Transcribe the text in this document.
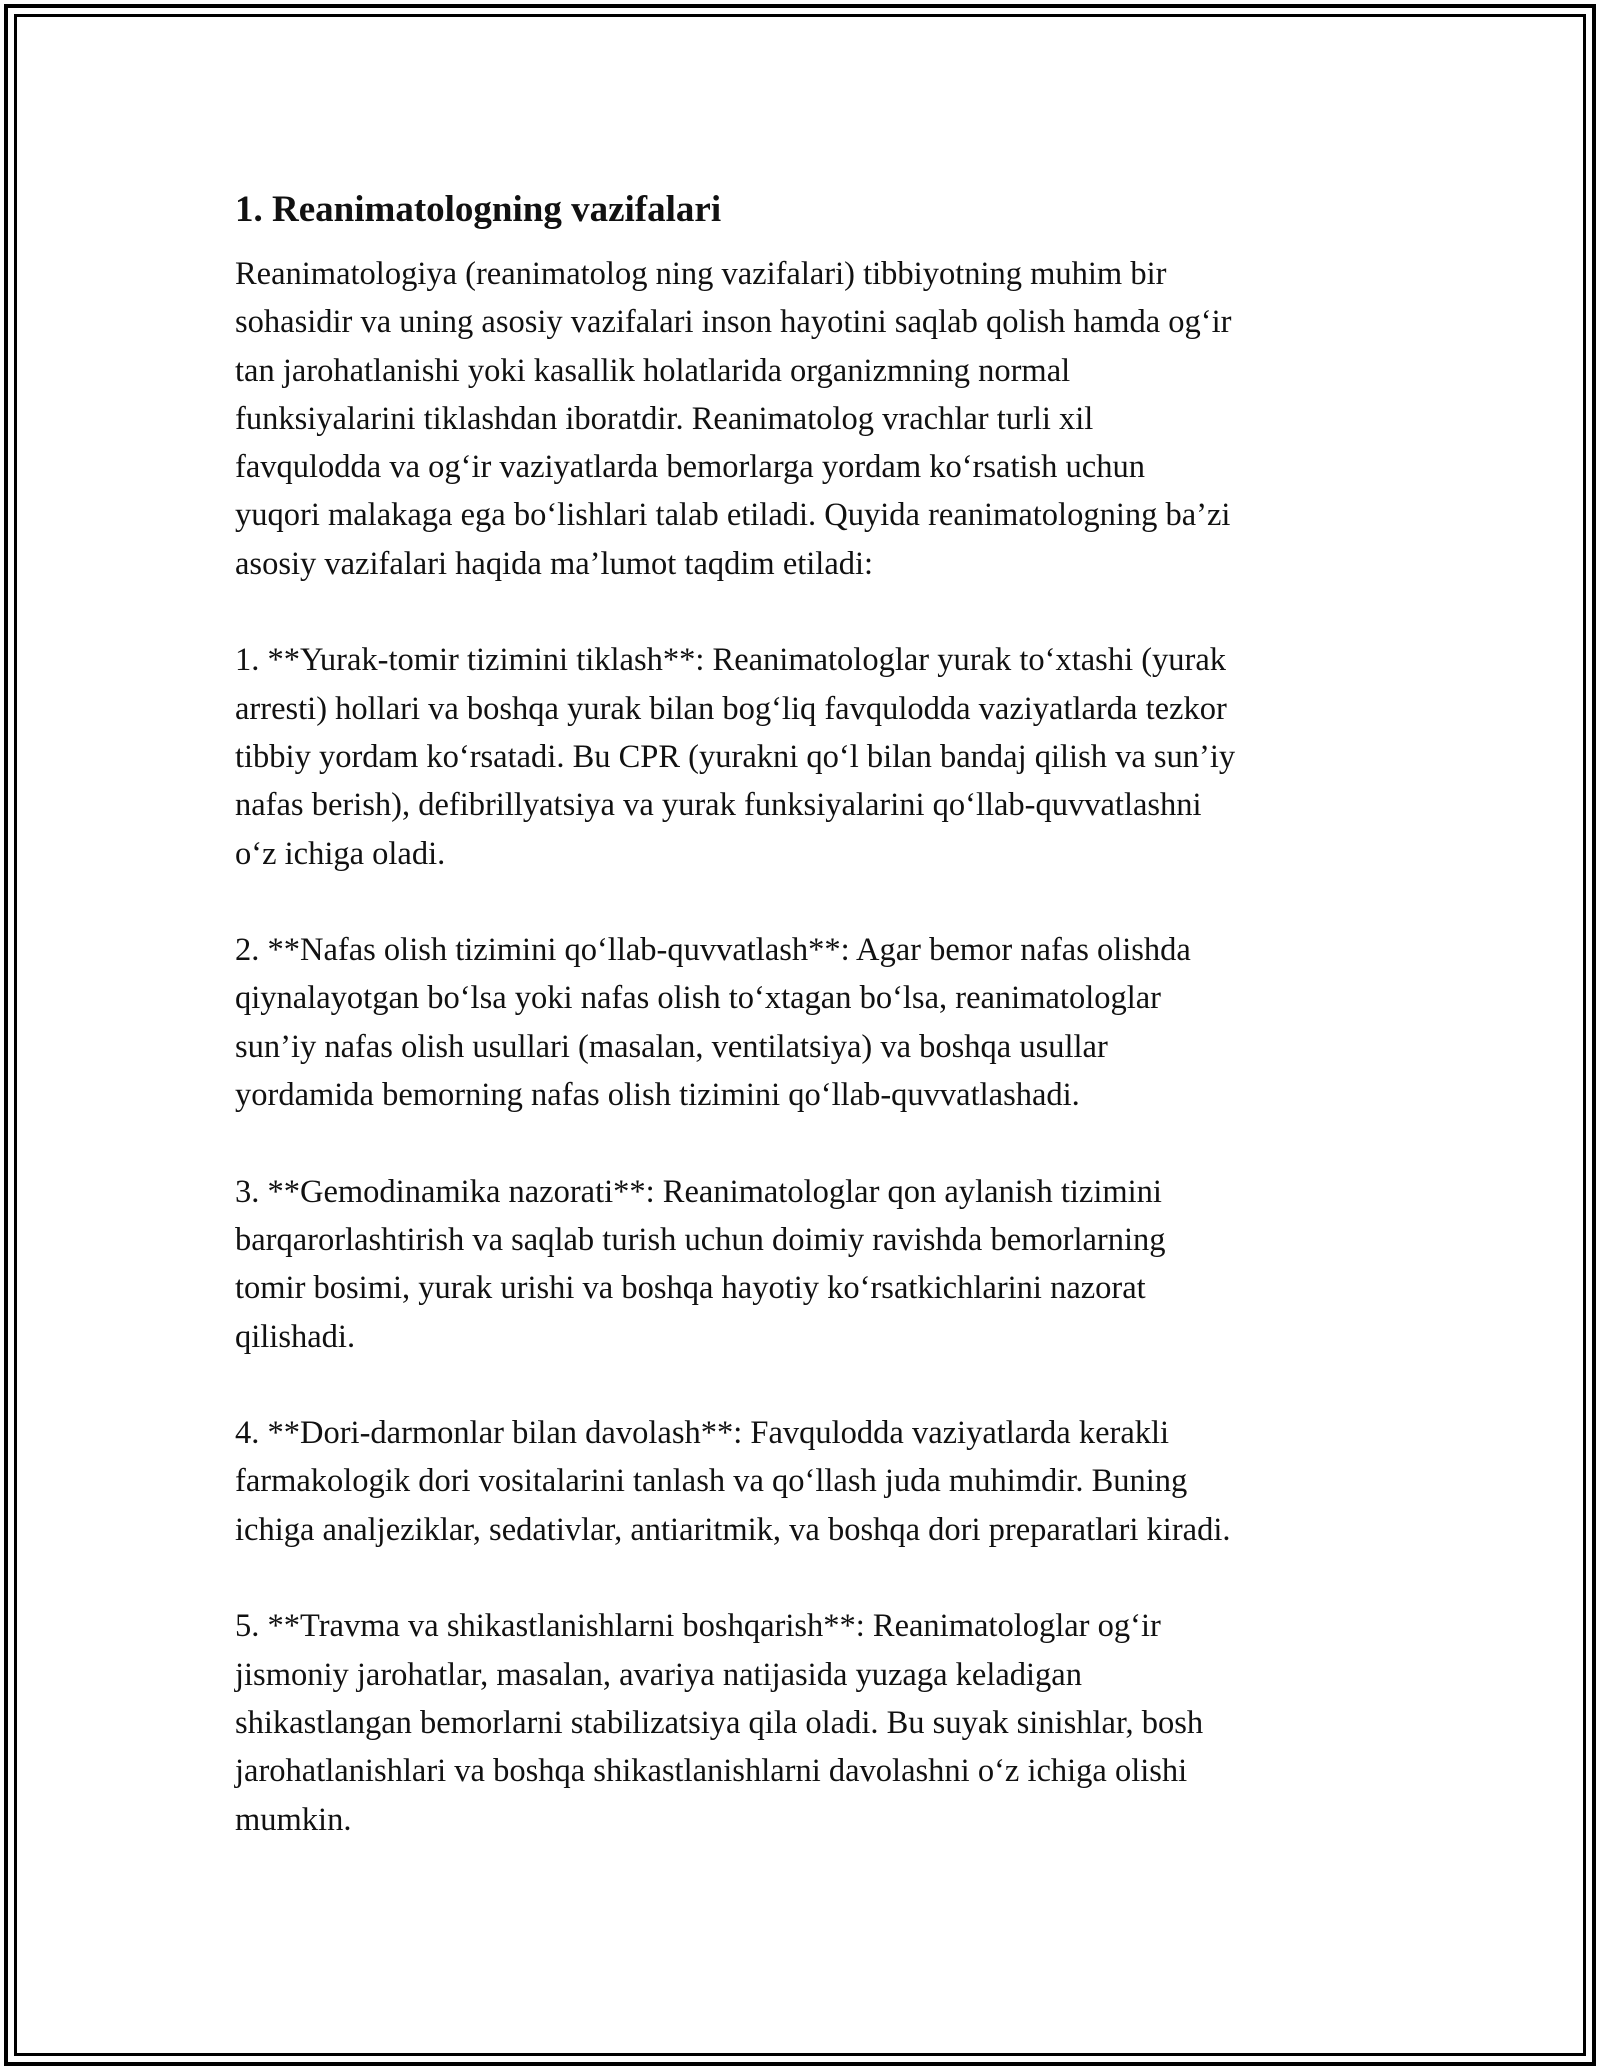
1. Reanimatologning vazifalari

Reanimatologiya (reanimatolog ning vazifalari) tibbiyotning muhim bir
sohasidir va uning asosiy vazifalari inson hayotini saqlab qolish hamda og‘ir
tan jarohatlanishi yoki kasallik holatlarida organizmning normal
funksiyalarini tiklashdan iboratdir. Reanimatolog vrachlar turli xil
favqulodda va og‘ir vaziyatlarda bemorlarga yordam ko‘rsatish uchun
yuqori malakaga ega bo‘lishlari talab etiladi. Quyida reanimatologning ba’zi
asosiy vazifalari haqida ma’lumot taqdim etiladi:

1. **Yurak-tomir tizimini tiklash**: Reanimatologlar yurak to‘xtashi (yurak
arresti) hollari va boshqa yurak bilan bog‘liq favqulodda vaziyatlarda tezkor
tibbiy yordam ko‘rsatadi. Bu CPR (yurakni qo‘l bilan bandaj qilish va sun’iy
nafas berish), defibrillyatsiya va yurak funksiyalarini qo‘llab-quvvatlashni
o‘z ichiga oladi.

2. **Nafas olish tizimini qo‘llab-quvvatlash**: Agar bemor nafas olishda
qiynalayotgan bo‘lsa yoki nafas olish to‘xtagan bo‘lsa, reanimatologlar
sun’iy nafas olish usullari (masalan, ventilatsiya) va boshqa usullar
yordamida bemorning nafas olish tizimini qo‘llab-quvvatlashadi.

3. **Gemodinamika nazorati**: Reanimatologlar qon aylanish tizimini
barqarorlashtirish va saqlab turish uchun doimiy ravishda bemorlarning
tomir bosimi, yurak urishi va boshqa hayotiy ko‘rsatkichlarini nazorat
qilishadi.

4. **Dori-darmonlar bilan davolash**: Favqulodda vaziyatlarda kerakli
farmakologik dori vositalarini tanlash va qo‘llash juda muhimdir. Buning
ichiga analjeziklar, sedativlar, antiaritmik, va boshqa dori preparatlari kiradi.

5. **Travma va shikastlanishlarni boshqarish**: Reanimatologlar og‘ir
jismoniy jarohatlar, masalan, avariya natijasida yuzaga keladigan
shikastlangan bemorlarni stabilizatsiya qila oladi. Bu suyak sinishlar, bosh
jarohatlanishlari va boshqa shikastlanishlarni davolashni o‘z ichiga olishi
mumkin.
